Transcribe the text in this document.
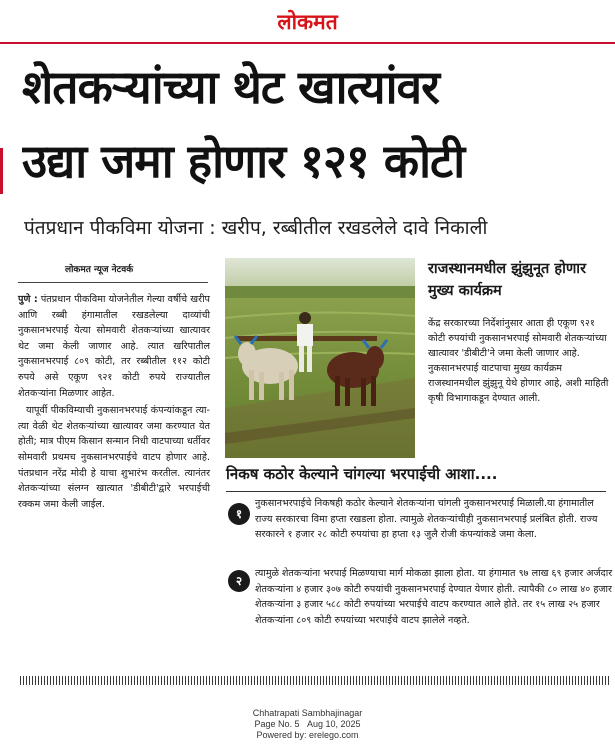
लोकमत
शेतकऱ्यांच्या थेट खात्यांवर
उद्या जमा होणार १२१ कोटी
पंतप्रधान पीकविमा योजना : खरीप, रब्बीतील रखडलेले दावे निकाली
लोकमत न्यूज नेटवर्क

पुणे : पंतप्रधान पीकविमा योजनेतील गेल्या वर्षीचे खरीप आणि रब्बी हंगामातील रखडलेल्या दाव्यांची नुकसानभरपाई येत्या सोमवारी शेतकऱ्यांच्या खात्यावर थेट जमा केली जाणार आहे. त्यात खरिपातील नुकसानभरपाई ८०९ कोटी, तर रब्बीतील ११२ कोटी रुपये असे एकूण ९२१ कोटी रुपये राज्यातील शेतकऱ्यांना मिळणार आहेत.

यापूर्वी पीकविम्याची नुकसानभरपाई कंपन्यांकडून त्या-त्या वेळी थेट शेतकऱ्यांच्या खात्यावर जमा करण्यात येत होती; मात्र पीएम किसान सन्मान निधी वाटपाच्या धर्तीवर सोमवारी प्रथमच नुकसानभरपाईचे वाटप होणार आहे. पंतप्रधान नरेंद्र मोदी हे याचा शुभारंभ करतील. त्यानंतर शेतकऱ्यांच्या संलग्न खात्यात 'डीबीटी'द्वारे भरपाईची रक्कम जमा केली जाईल.

राजस्थानमधील झुंझुनूत होणार मुख्य कार्यक्रम
केंद्र सरकारच्या निर्देशांनुसार आता ही एकूण ९२१ कोटी रुपयांची नुकसानभरपाई सोमवारी शेतकऱ्यांच्या खात्यावर 'डीबीटी'ने जमा केली जाणार आहे. नुकसानभरपाई वाटपाचा मुख्य कार्यक्रम राजस्थानमधील झुंझुनू येथे होणार आहे, अशी माहिती कृषी विभागाकडून देण्यात आली.
निकष कठोर केल्याने चांगल्या भरपाईची आशा....
१
नुकसानभरपाईचे निकषही कठोर केल्याने शेतकऱ्यांना चांगली नुकसानभरपाई मिळाली.या हंगामातील राज्य सरकारचा विमा हप्ता रखडला होता. त्यामुळे शेतकऱ्यांचीही नुकसानभरपाई प्रलंबित होती. राज्य सरकारने १ हजार २८ कोटी रुपयांचा हा हप्ता १३ जुलै रोजी कंपन्यांकडे जमा केला.
२
त्यामुळे शेतकऱ्यांना भरपाई मिळण्याचा मार्ग मोकळा झाला होता. या हंगामात ९७ लाख ६९ हजार अर्जदार शेतकऱ्यांना ४ हजार ३०७ कोटी रुपयांची नुकसानभरपाई देण्यात येणार होती. त्यापैकी ८० लाख ४० हजार शेतकऱ्यांना ३ हजार ५८८ कोटी रुपयांच्या भरपाईचे वाटप करण्यात आले होते. तर १५ लाख २५ हजार शेतकऱ्यांना ८०९ कोटी रुपयांच्या भरपाईचे वाटप झालेले नव्हते.
Chhatrapati Sambhajinagar
Page No. 5 Aug 10, 2025
Powered by: erelego.com
